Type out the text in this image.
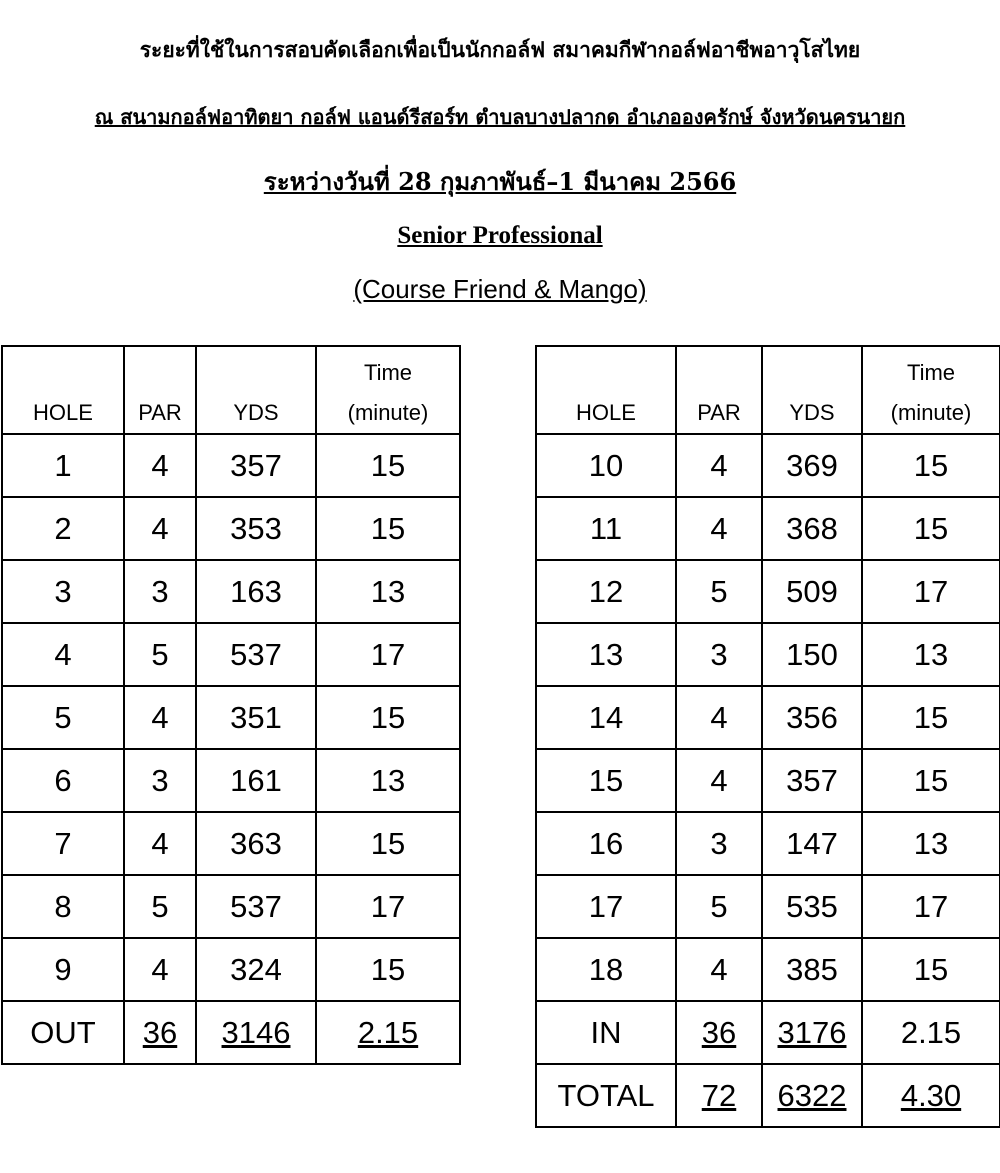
ระยะที่ใช้ในการสอบคัดเลือกเพื่อเป็นนักกอล์ฟ สมาคมกีฬากอล์ฟอาชีพอาวุโสไทย
ณ สนามกอล์ฟอาทิตยา กอล์ฟ แอนด์รีสอร์ท ตำบลบางปลากด อำเภอองครักษ์ จังหวัดนครนายก
ระหว่างวันที่ 28 กุมภาพันธ์–1 มีนาคม 2566
Senior Professional
(Course Friend & Mango)
HOLE	PAR	YDS	Time
(minute)

1	4	357	15
2	4	353	15
3	3	163	13
4	5	537	17
5	4	351	15
6	3	161	13
7	4	363	15
8	5	537	17
9	4	324	15
OUT	36	3146	2.15
HOLE	PAR	YDS	Time
(minute)

10	4	369	15
11	4	368	15
12	5	509	17
13	3	150	13
14	4	356	15
15	4	357	15
16	3	147	13
17	5	535	17
18	4	385	15
IN	36	3176	2.15
TOTAL	72	6322	4.30
